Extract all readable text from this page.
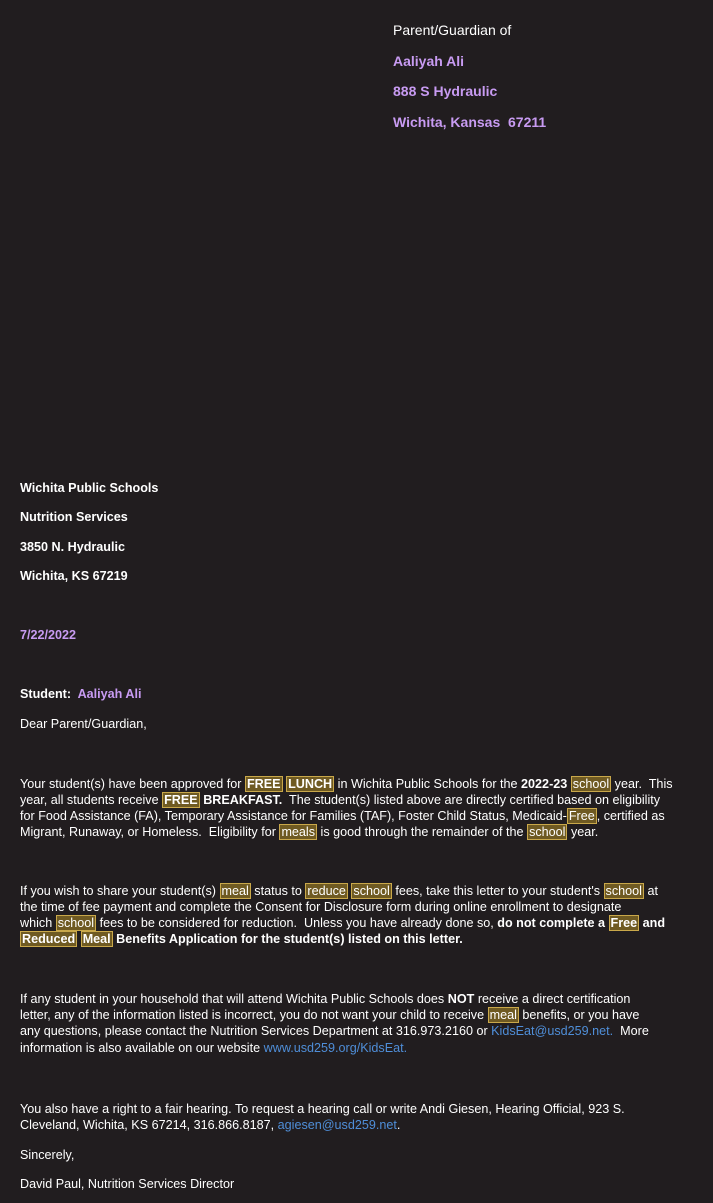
Parent/Guardian of
Aaliyah Ali
888 S Hydraulic
Wichita, Kansas  67211
Wichita Public Schools
Nutrition Services
3850 N. Hydraulic
Wichita, KS 67219
7/22/2022
Student: Aaliyah Ali
Dear Parent/Guardian,
Your student(s) have been approved for FREE LUNCH in Wichita Public Schools for the 2022-23 school year.  This
year, all students receive FREE BREAKFAST.  The student(s) listed above are directly certified based on eligibility
for Food Assistance (FA), Temporary Assistance for Families (TAF), Foster Child Status, Medicaid- Free , certified as
Migrant, Runaway, or Homeless.  Eligibility for meals is good through the remainder of the school year.
If you wish to share your student(s) meal status to reduce school fees, take this letter to your student's school at
the time of fee payment and complete the Consent for Disclosure form during online enrollment to designate
which school fees to be considered for reduction.  Unless you have already done so, do not complete a Free and
Reduced Meal Benefits Application for the student(s) listed on this letter.
If any student in your household that will attend Wichita Public Schools does NOT receive a direct certification
letter, any of the information listed is incorrect, you do not want your child to receive meal benefits, or you have
any questions, please contact the Nutrition Services Department at 316.973.2160 or KidsEat@usd259.net.  More
information is also available on our website www.usd259.org/KidsEat.
You also have a right to a fair hearing. To request a hearing call or write Andi Giesen, Hearing Official, 923 S.
Cleveland, Wichita, KS 67214, 316.866.8187, agiesen@usd259.net.
Sincerely,
David Paul, Nutrition Services Director
